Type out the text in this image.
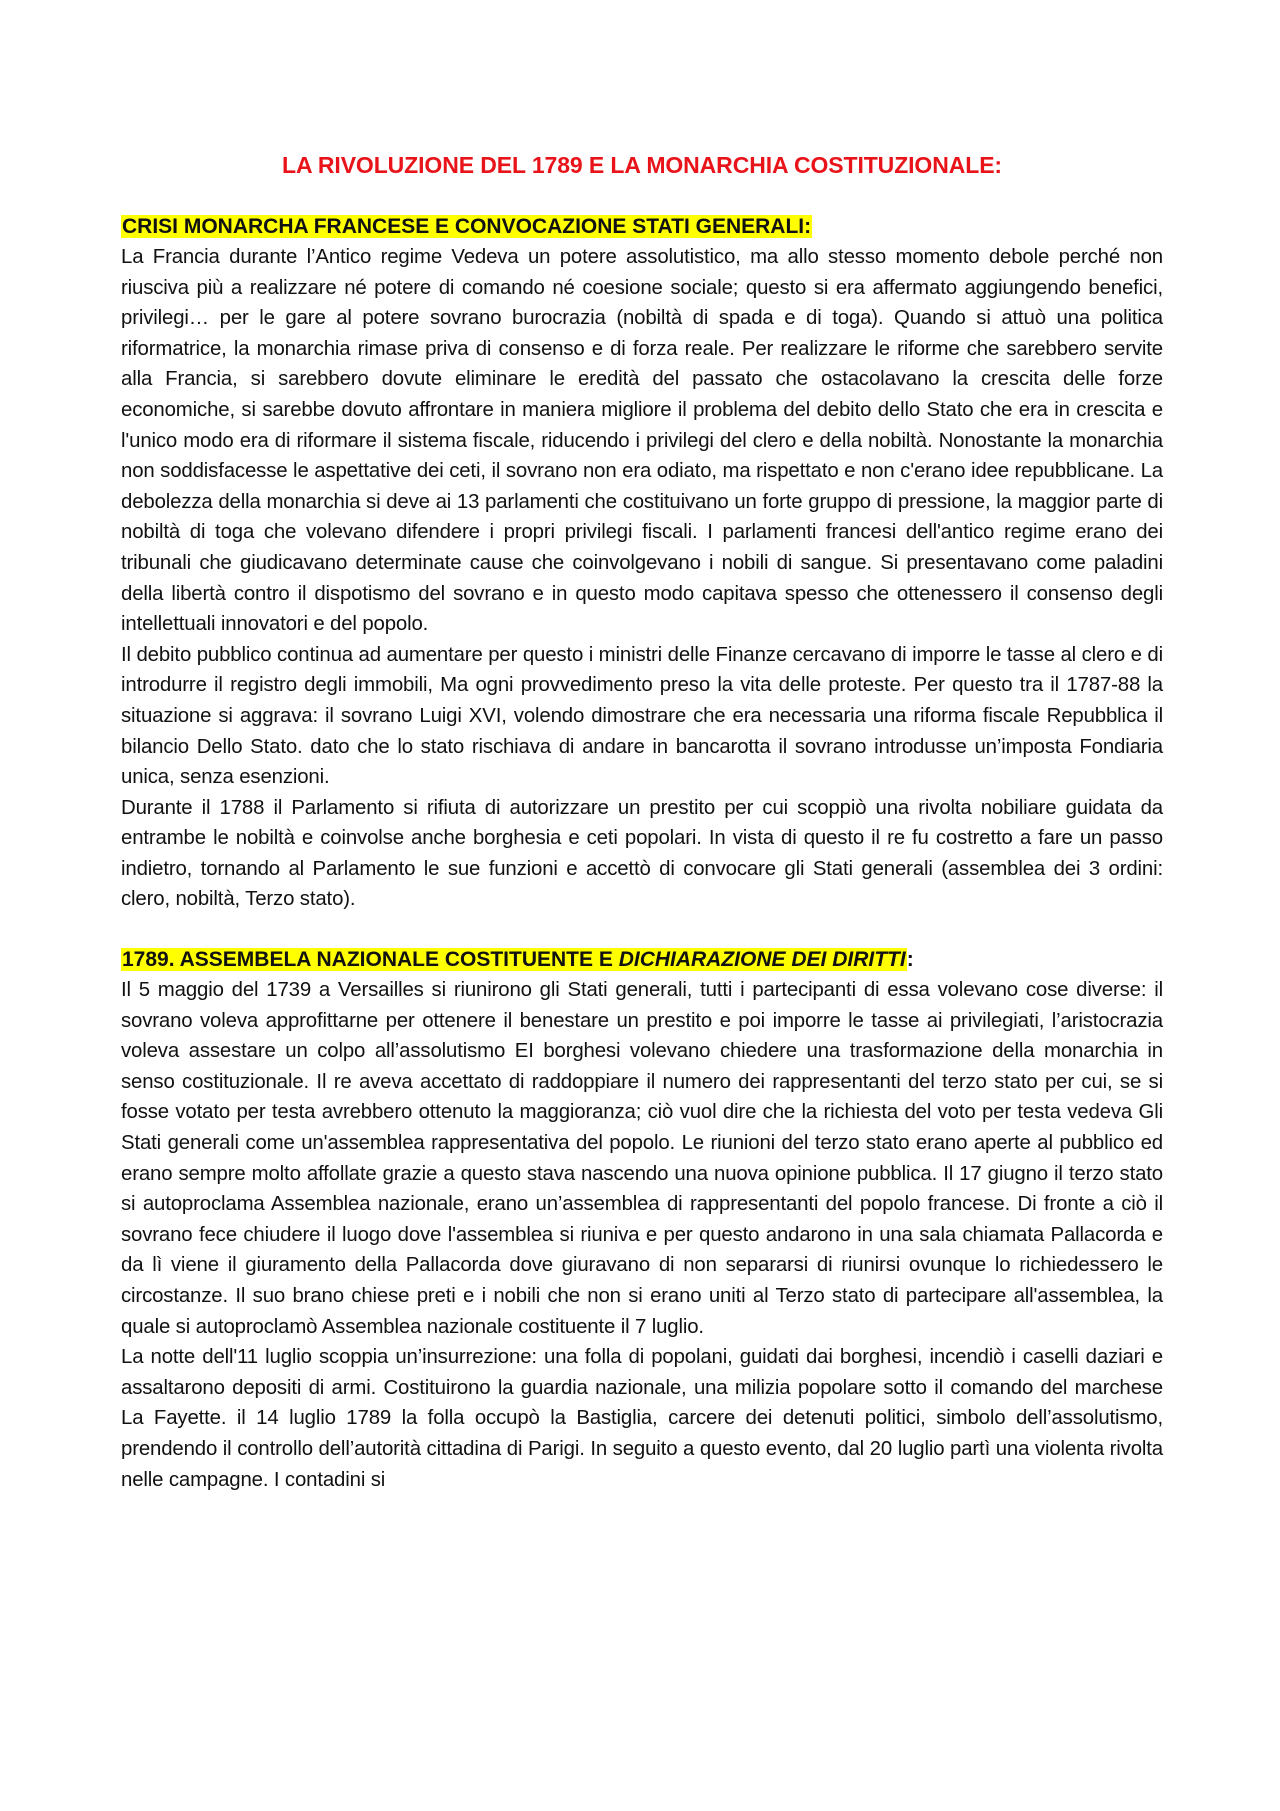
LA RIVOLUZIONE DEL 1789 E LA MONARCHIA COSTITUZIONALE:
CRISI MONARCHA FRANCESE E CONVOCAZIONE STATI GENERALI:

La Francia durante l’Antico regime Vedeva un potere assolutistico, ma allo stesso momento debole perché non riusciva più a realizzare né potere di comando né coesione sociale; questo si era affermato aggiungendo benefici, privilegi… per le gare al potere sovrano burocrazia (nobiltà di spada e di toga). Quando si attuò una politica riformatrice, la monarchia rimase priva di consenso e di forza reale. Per realizzare le riforme che sarebbero servite alla Francia, si sarebbero dovute eliminare le eredità del passato che ostacolavano la crescita delle forze economiche, si sarebbe dovuto affrontare in maniera migliore il problema del debito dello Stato che era in crescita e l'unico modo era di riformare il sistema fiscale, riducendo i privilegi del clero e della nobiltà. Nonostante la monarchia non soddisfacesse le aspettative dei ceti, il sovrano non era odiato, ma rispettato e non c'erano idee repubblicane. La debolezza della monarchia si deve ai 13 parlamenti che costituivano un forte gruppo di pressione, la maggior parte di nobiltà di toga che volevano difendere i propri privilegi fiscali. I parlamenti francesi dell'antico regime erano dei tribunali che giudicavano determinate cause che coinvolgevano i nobili di sangue. Si presentavano come paladini della libertà contro il dispotismo del sovrano e in questo modo capitava spesso che ottenessero il consenso degli intellettuali innovatori e del popolo.

Il debito pubblico continua ad aumentare per questo i ministri delle Finanze cercavano di imporre le tasse al clero e di introdurre il registro degli immobili, Ma ogni provvedimento preso la vita delle proteste. Per questo tra il 1787-88 la situazione si aggrava: il sovrano Luigi XVI, volendo dimostrare che era necessaria una riforma fiscale Repubblica il bilancio Dello Stato. dato che lo stato rischiava di andare in bancarotta il sovrano introdusse un’imposta Fondiaria unica, senza esenzioni.

Durante il 1788 il Parlamento si rifiuta di autorizzare un prestito per cui scoppiò una rivolta nobiliare guidata da entrambe le nobiltà e coinvolse anche borghesia e ceti popolari. In vista di questo il re fu costretto a fare un passo indietro, tornando al Parlamento le sue funzioni e accettò di convocare gli Stati generali (assemblea dei 3 ordini: clero, nobiltà, Terzo stato).

1789. ASSEMBELA NAZIONALE COSTITUENTE E DICHIARAZIONE DEI DIRITTI:

Il 5 maggio del 1739 a Versailles si riunirono gli Stati generali, tutti i partecipanti di essa volevano cose diverse: il sovrano voleva approfittarne per ottenere il benestare un prestito e poi imporre le tasse ai privilegiati, l’aristocrazia voleva assestare un colpo all’assolutismo EI borghesi volevano chiedere una trasformazione della monarchia in senso costituzionale. Il re aveva accettato di raddoppiare il numero dei rappresentanti del terzo stato per cui, se si fosse votato per testa avrebbero ottenuto la maggioranza; ciò vuol dire che la richiesta del voto per testa vedeva Gli Stati generali come un'assemblea rappresentativa del popolo. Le riunioni del terzo stato erano aperte al pubblico ed erano sempre molto affollate grazie a questo stava nascendo una nuova opinione pubblica. Il 17 giugno il terzo stato si autoproclama Assemblea nazionale, erano un’assemblea di rappresentanti del popolo francese. Di fronte a ciò il sovrano fece chiudere il luogo dove l'assemblea si riuniva e per questo andarono in una sala chiamata Pallacorda e da lì viene il giuramento della Pallacorda dove giuravano di non separarsi di riunirsi ovunque lo richiedessero le circostanze. Il suo brano chiese preti e i nobili che non si erano uniti al Terzo stato di partecipare all'assemblea, la quale si autoproclamò Assemblea nazionale costituente il 7 luglio.

La notte dell'11 luglio scoppia un’insurrezione: una folla di popolani, guidati dai borghesi, incendiò i caselli daziari e assaltarono depositi di armi. Costituirono la guardia nazionale, una milizia popolare sotto il comando del marchese La Fayette. il 14 luglio 1789 la folla occupò la Bastiglia, carcere dei detenuti politici, simbolo dell’assolutismo, prendendo il controllo dell’autorità cittadina di Parigi. In seguito a questo evento, dal 20 luglio partì una violenta rivolta nelle campagne. I contadini si
